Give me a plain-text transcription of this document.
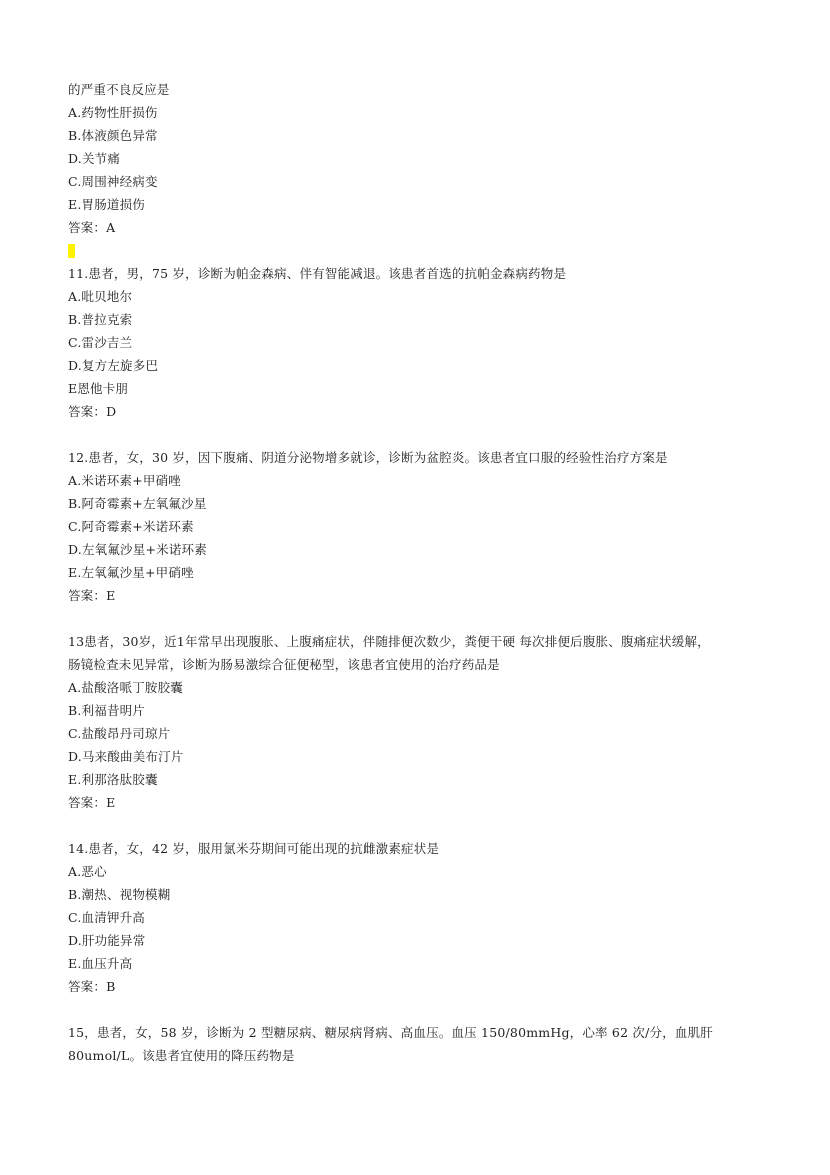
的严重不良反应是
A.药物性肝损伤
B.体液颜色异常
D.关节痛
C.周围神经病变
E.胃肠道损伤
答案：A
11.患者，男，75 岁，诊断为帕金森病、伴有智能减退。该患者首选的抗帕金森病药物是
A.吡贝地尔
B.普拉克索
C.雷沙吉兰
D.复方左旋多巴
E恩他卡朋
答案：D
12.患者，女，30 岁，因下腹痛、阴道分泌物增多就诊，诊断为盆腔炎。该患者宜口服的经验性治疗方案是
A.米诺环素+甲硝唑
B.阿奇霉素+左氧氟沙星
C.阿奇霉素+米诺环素
D.左氧氟沙星+米诺环素
E.左氧氟沙星+甲硝唑
答案：E
13患者，30岁，近1年常早出现腹胀、上腹痛症状，伴随排便次数少，粪便干硬 每次排便后腹胀、腹痛症状缓解，
肠镜检查未见异常，诊断为肠易激综合征便秘型，该患者宜使用的治疗药品是
A.盐酸洛哌丁胺胶囊
B.利福昔明片
C.盐酸昂丹司琼片
D.马来酸曲美布汀片
E.利那洛肽胶囊
答案：E
14.患者，女，42 岁，服用氯米芬期间可能出现的抗雌激素症状是
A.恶心
B.潮热、视物模糊
C.血清钾升高
D.肝功能异常
E.血压升高
答案：B
15，患者，女，58 岁，诊断为 2 型糖尿病、糖尿病肾病、高血压。血压 150/80mmHg，心率 62 次/分，血肌肝
80umol/L。该患者宜使用的降压药物是
